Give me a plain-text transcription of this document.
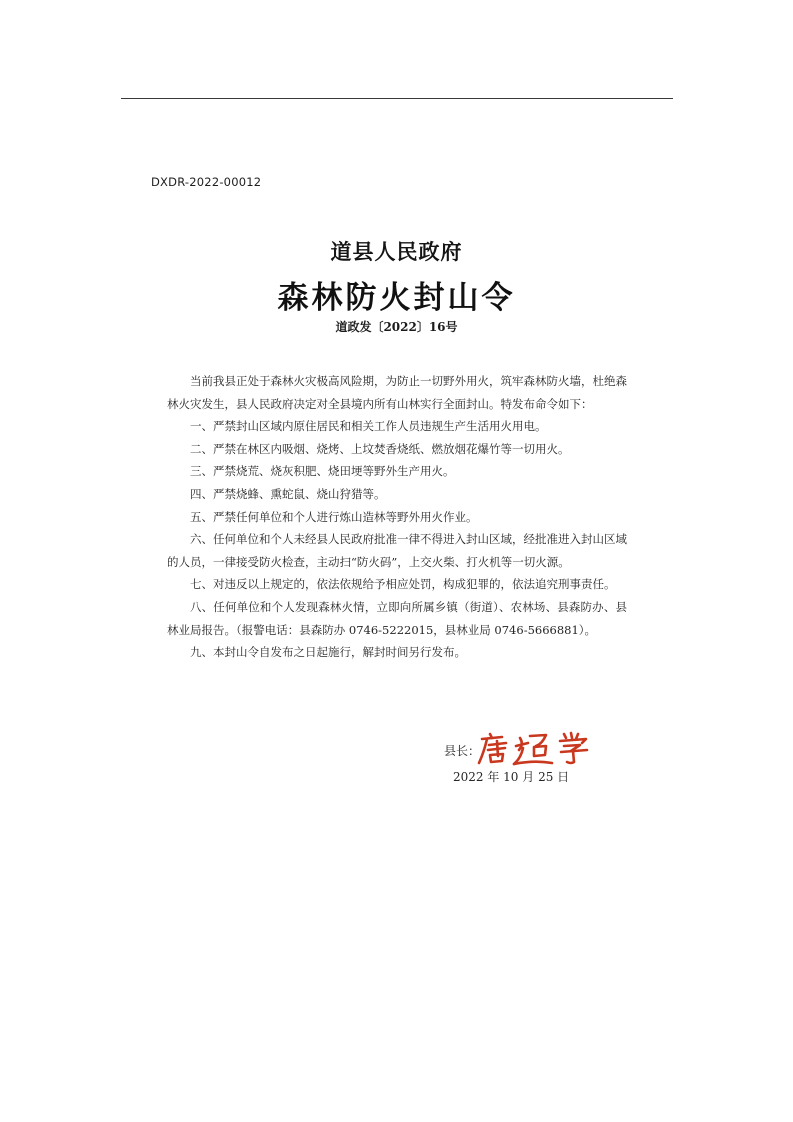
DXDR-2022-00012
道县人民政府
森林防火封山令
道政发〔2022〕16号

当前我县正处于森林火灾极高风险期，为防止一切野外用火，筑牢森林防火墙，杜绝森林火灾发生，县人民政府决定对全县境内所有山林实行全面封山。特发布命令如下：

一、严禁封山区域内原住居民和相关工作人员违规生产生活用火用电。

二、严禁在林区内吸烟、烧烤、上坟焚香烧纸、燃放烟花爆竹等一切用火。

三、严禁烧荒、烧灰积肥、烧田埂等野外生产用火。

四、严禁烧蜂、熏蛇鼠、烧山狩猎等。

五、严禁任何单位和个人进行炼山造林等野外用火作业。

六、任何单位和个人未经县人民政府批准一律不得进入封山区域，经批准进入封山区域的人员，一律接受防火检查，主动扫“防火码”，上交火柴、打火机等一切火源。

七、对违反以上规定的，依法依规给予相应处罚，构成犯罪的，依法追究刑事责任。

八、任何单位和个人发现森林火情，立即向所属乡镇（街道）、农林场、县森防办、县林业局报告。（报警电话：县森防办 0746-5222015，县林业局 0746-5666881）。

九、本封山令自发布之日起施行，解封时间另行发布。

县长：
2022 年 10 月 25 日
